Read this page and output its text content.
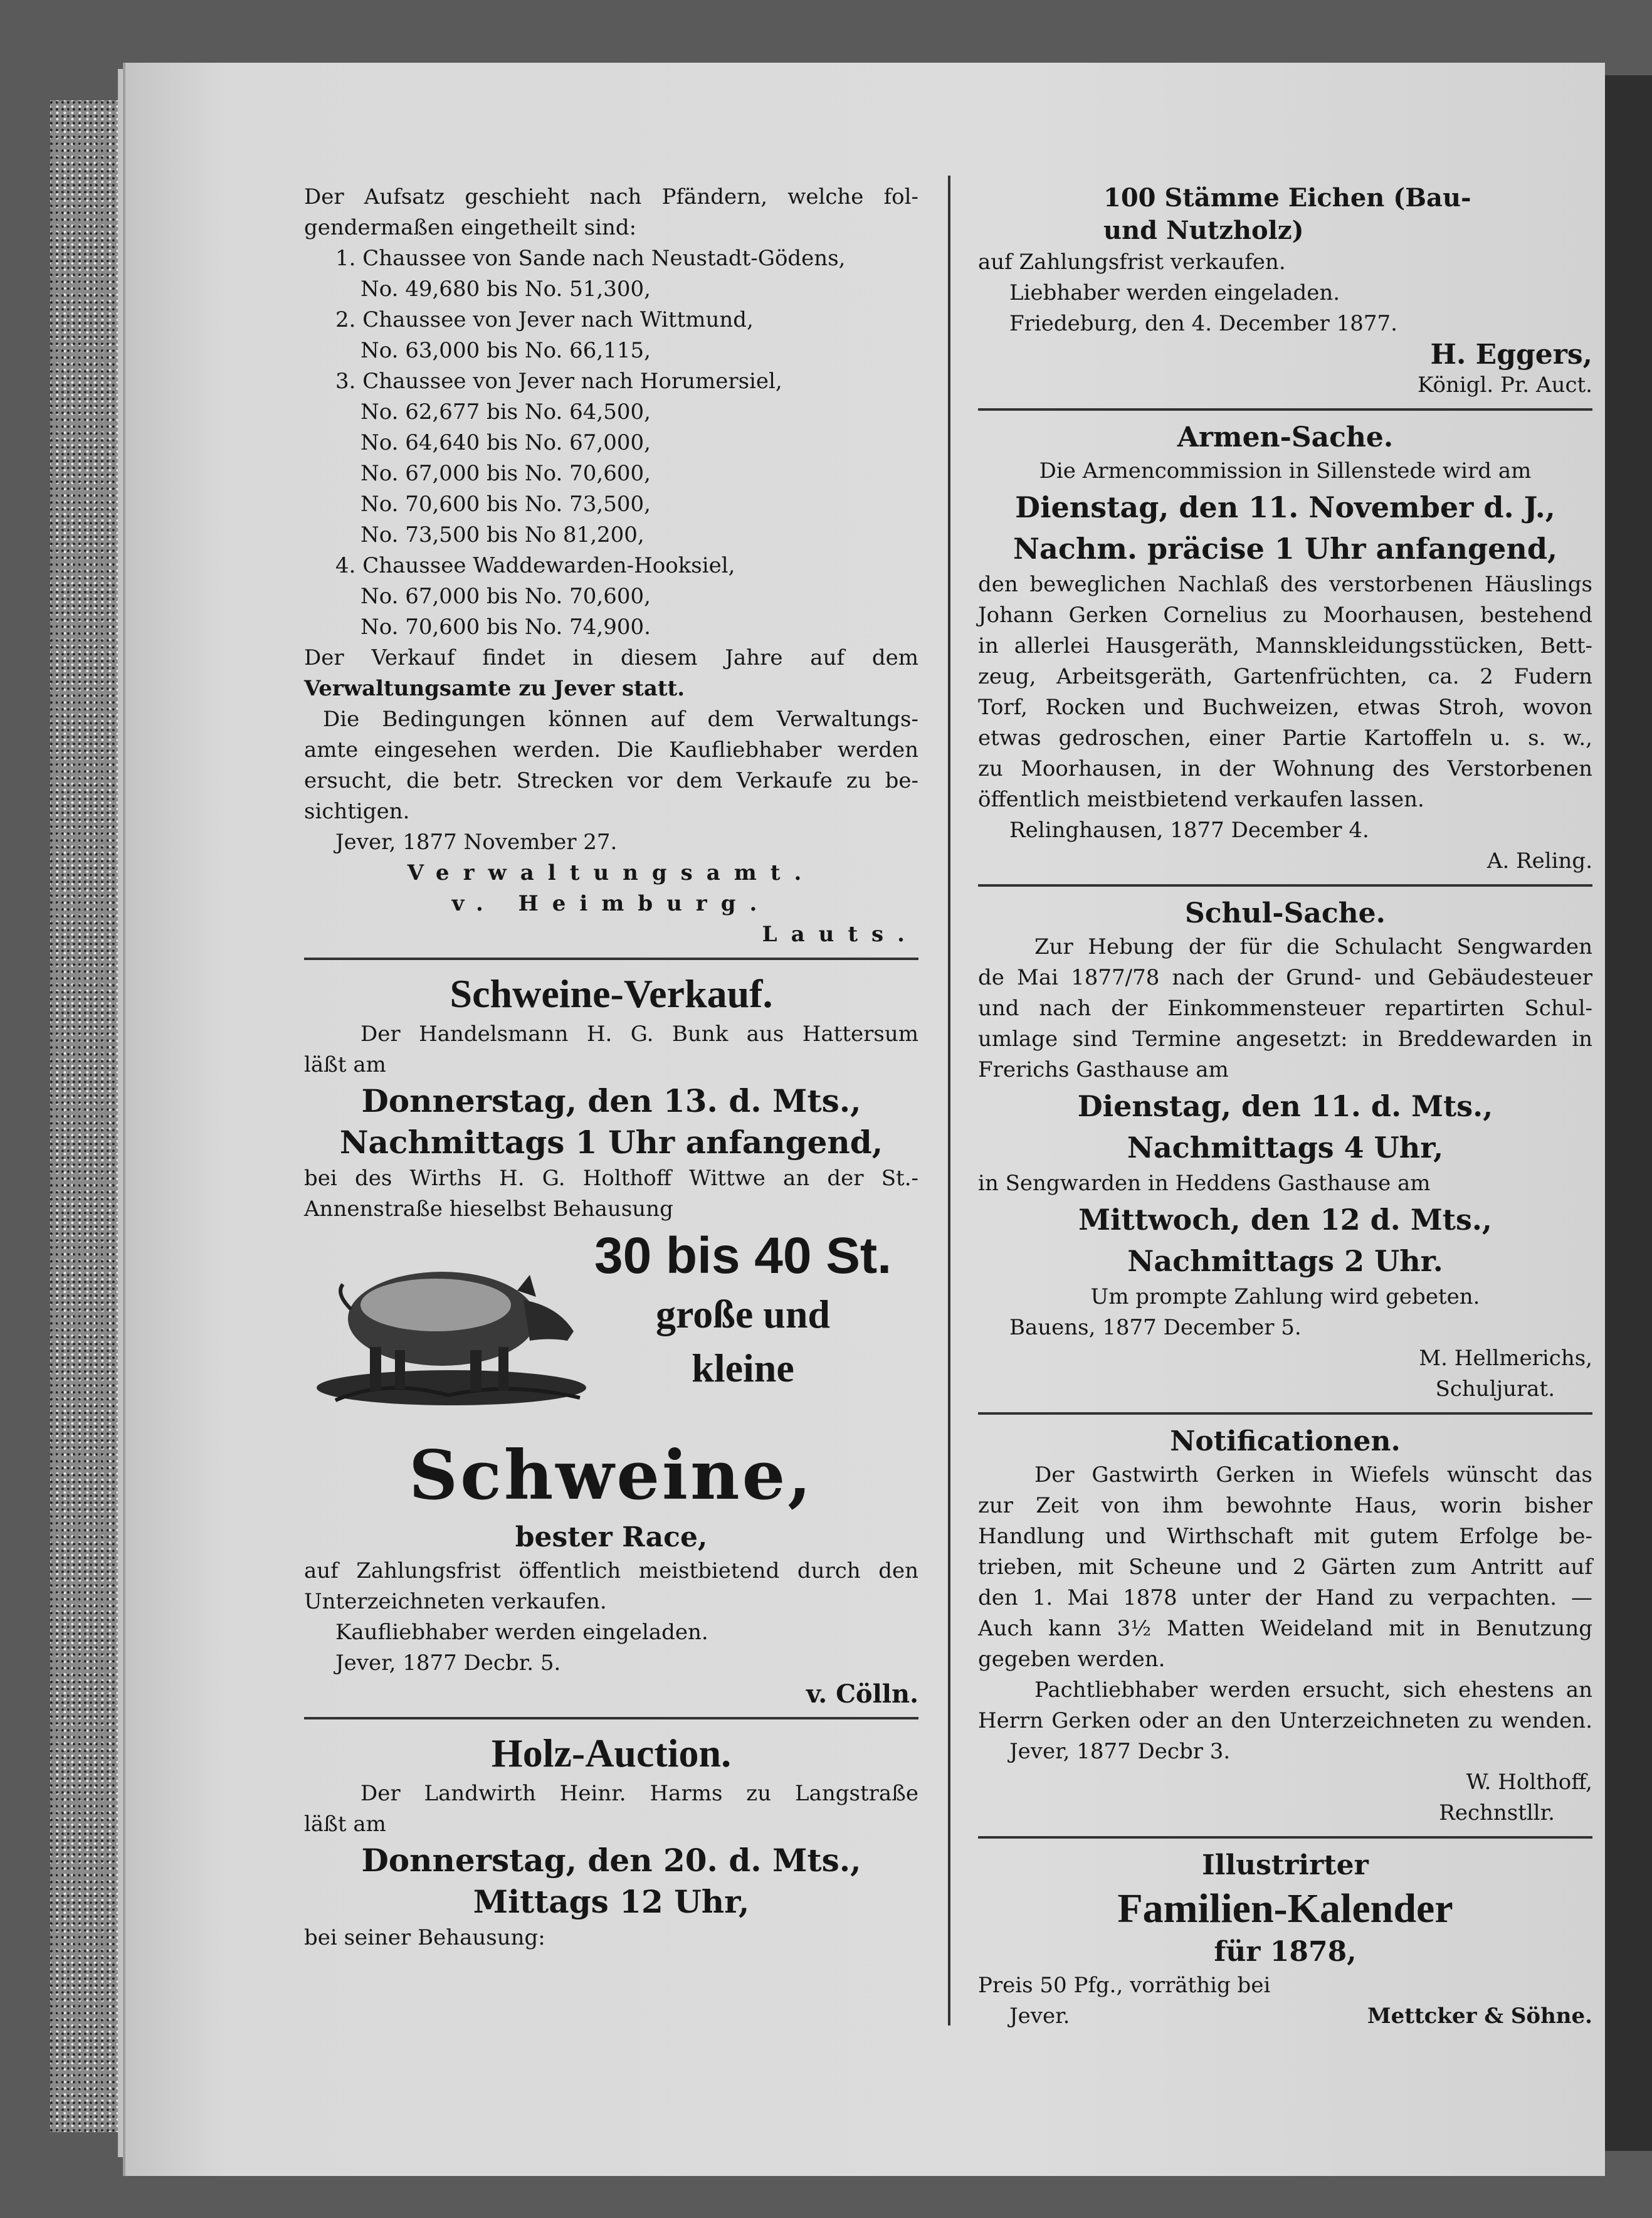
Der Aufsatz geschieht nach Pfändern, welche fol-
gendermaßen eingetheilt sind:
1. Chaussee von Sande nach Neustadt-Gödens,
No. 49,680 bis No. 51,300,
2. Chaussee von Jever nach Wittmund,
No. 63,000 bis No. 66,115,
3. Chaussee von Jever nach Horumersiel,
No. 62,677 bis No. 64,500,
No. 64,640 bis No. 67,000,
No. 67,000 bis No. 70,600,
No. 70,600 bis No. 73,500,
No. 73,500 bis No 81,200,
4. Chaussee Waddewarden-Hooksiel,
No. 67,000 bis No. 70,600,
No. 70,600 bis No. 74,900.
Der Verkauf findet in diesem Jahre auf dem
Verwaltungsamte zu Jever statt.
Die Bedingungen können auf dem Verwaltungs-
amte eingesehen werden. Die Kaufliebhaber werden
ersucht, die betr. Strecken vor dem Verkaufe zu be-
sichtigen.
Jever, 1877 November 27.
Verwaltungsamt.
v. Heimburg.
Lauts.
Schweine-Verkauf.
Der Handelsmann H. G. Bunk aus Hattersum
läßt am
Donnerstag, den 13. d. Mts.,
Nachmittags 1 Uhr anfangend,
bei des Wirths H. G. Holthoff Wittwe an der St.-
Annenstraße hieselbst Behausung
30 bis 40 St.
große und
kleine
Schweine,
bester Race,
auf Zahlungsfrist öffentlich meistbietend durch den
Unterzeichneten verkaufen.
Kaufliebhaber werden eingeladen.
Jever, 1877 Decbr. 5.
v. Cölln.
Holz-Auction.
Der Landwirth Heinr. Harms zu Langstraße
läßt am
Donnerstag, den 20. d. Mts.,
Mittags 12 Uhr,
bei seiner Behausung:
100 Stämme Eichen (Bau-
und Nutzholz)
auf Zahlungsfrist verkaufen.
Liebhaber werden eingeladen.
Friedeburg, den 4. December 1877.
H. Eggers,
Königl. Pr. Auct.
Armen-Sache.
Die Armencommission in Sillenstede wird am
Dienstag, den 11. November d. J.,
Nachm. präcise 1 Uhr anfangend,
den beweglichen Nachlaß des verstorbenen Häuslings
Johann Gerken Cornelius zu Moorhausen, bestehend
in allerlei Hausgeräth, Mannskleidungsstücken, Bett-
zeug, Arbeitsgeräth, Gartenfrüchten, ca. 2 Fudern
Torf, Rocken und Buchweizen, etwas Stroh, wovon
etwas gedroschen, einer Partie Kartoffeln u. s. w.,
zu Moorhausen, in der Wohnung des Verstorbenen
öffentlich meistbietend verkaufen lassen.
Relinghausen, 1877 December 4.
A. Reling.
Schul-Sache.
Zur Hebung der für die Schulacht Sengwarden
de Mai 1877/78 nach der Grund- und Gebäudesteuer
und nach der Einkommensteuer repartirten Schul-
umlage sind Termine angesetzt: in Breddewarden in
Frerichs Gasthause am
Dienstag, den 11. d. Mts.,
Nachmittags 4 Uhr,
in Sengwarden in Heddens Gasthause am
Mittwoch, den 12 d. Mts.,
Nachmittags 2 Uhr.
Um prompte Zahlung wird gebeten.
Bauens, 1877 December 5.
M. Hellmerichs,
Schuljurat.
Notificationen.
Der Gastwirth Gerken in Wiefels wünscht das
zur Zeit von ihm bewohnte Haus, worin bisher
Handlung und Wirthschaft mit gutem Erfolge be-
trieben, mit Scheune und 2 Gärten zum Antritt auf
den 1. Mai 1878 unter der Hand zu verpachten. —
Auch kann 3½ Matten Weideland mit in Benutzung
gegeben werden.
Pachtliebhaber werden ersucht, sich ehestens an
Herrn Gerken oder an den Unterzeichneten zu wenden.
Jever, 1877 Decbr 3.
W. Holthoff,
Rechnstllr.
Illustrirter
Familien-Kalender
für 1878,
Preis 50 Pfg., vorräthig bei
Jever.	Mettcker & Söhne.
